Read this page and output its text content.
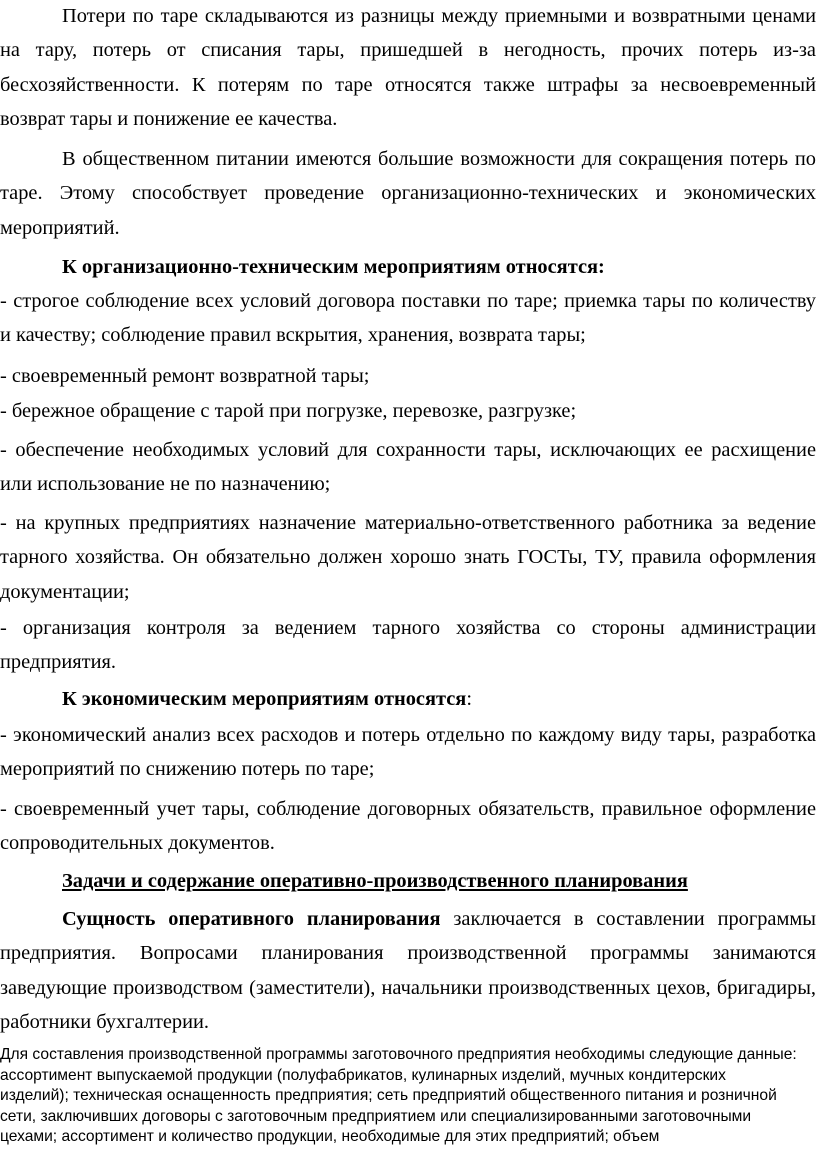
Потери по таре складываются из разницы между приемными и возвратными ценами на тару, потерь от списания тары, пришедшей в негодность, прочих потерь из-за бесхозяйственности. К потерям по таре относятся также штрафы за несвоевременный возврат тары и понижение ее качества.

В общественном питании имеются большие возможности для сокращения потерь по таре. Этому способствует проведение организационно-технических и экономических мероприятий.

К организационно-техническим мероприятиям относятся:

- строгое соблюдение всех условий договора поставки по таре; приемка тары по количеству и качеству; соблюдение правил вскрытия, хранения, возврата тары;

- своевременный ремонт возвратной тары;

- бережное обращение с тарой при погрузке, перевозке, разгрузке;

- обеспечение необходимых условий для сохранности тары, исключающих ее расхищение или использование не по назначению;

- на крупных предприятиях назначение материально-ответственного работника за ведение тарного хозяйства. Он обязательно должен хорошо знать ГОСТы, ТУ, правила оформления документации;

- организация контроля за ведением тарного хозяйства со стороны администрации предприятия.

К экономическим мероприятиям относятся:

- экономический анализ всех расходов и потерь отдельно по каждому виду тары, разработка мероприятий по снижению потерь по таре;

- своевременный учет тары, соблюдение договорных обязательств, правильное оформление сопроводительных документов.

Задачи и содержание оперативно-производственного планирования

Сущность оперативного планирования заключается в составлении программы предприятия. Вопросами планирования производственной программы занимаются заведующие производством (заместители), начальники производственных цехов, бригадиры, работники бухгалтерии.

Для составления производственной программы заготовочного предприятия необходимы следующие данные:
ассортимент выпускаемой продукции (полуфабрикатов, кулинарных изделий, мучных кондитерских
изделий); техническая оснащенность предприятия; сеть предприятий общественного питания и розничной
сети, заключивших договоры с заготовочным предприятием или специализированными заготовочными
цехами; ассортимент и количество продукции, необходимые для этих предприятий; объем
